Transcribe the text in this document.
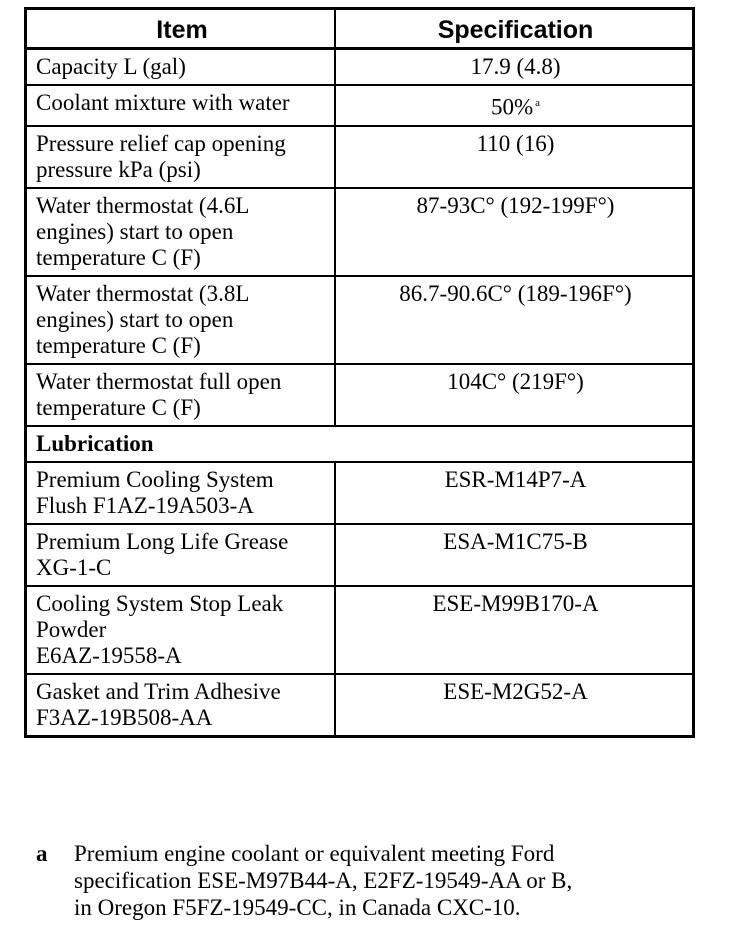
Item	Specification
Capacity L (gal)	17.9 (4.8)
Coolant mixture with water	50% $^a$
Pressure relief cap opening
pressure kPa (psi)	110 (16)
Water thermostat (4.6L
engines) start to open
temperature C (F)	87-93C° (192-199F°)
Water thermostat (3.8L
engines) start to open
temperature C (F)	86.7-90.6C° (189-196F°)
Water thermostat full open
temperature C (F)	104C° (219F°)
Lubrication	
Premium Cooling System
Flush F1AZ-19A503-A	ESR-M14P7-A
Premium Long Life Grease
XG-1-C	ESA-M1C75-B
Cooling System Stop Leak
Powder
E6AZ-19558-A	ESE-M99B170-A
Gasket and Trim Adhesive
F3AZ-19B508-AA	ESE-M2G52-A
a Premium engine coolant or equivalent meeting Ford
specification ESE-M97B44-A, E2FZ-19549-AA or B,
in Oregon F5FZ-19549-CC, in Canada CXC-10.
